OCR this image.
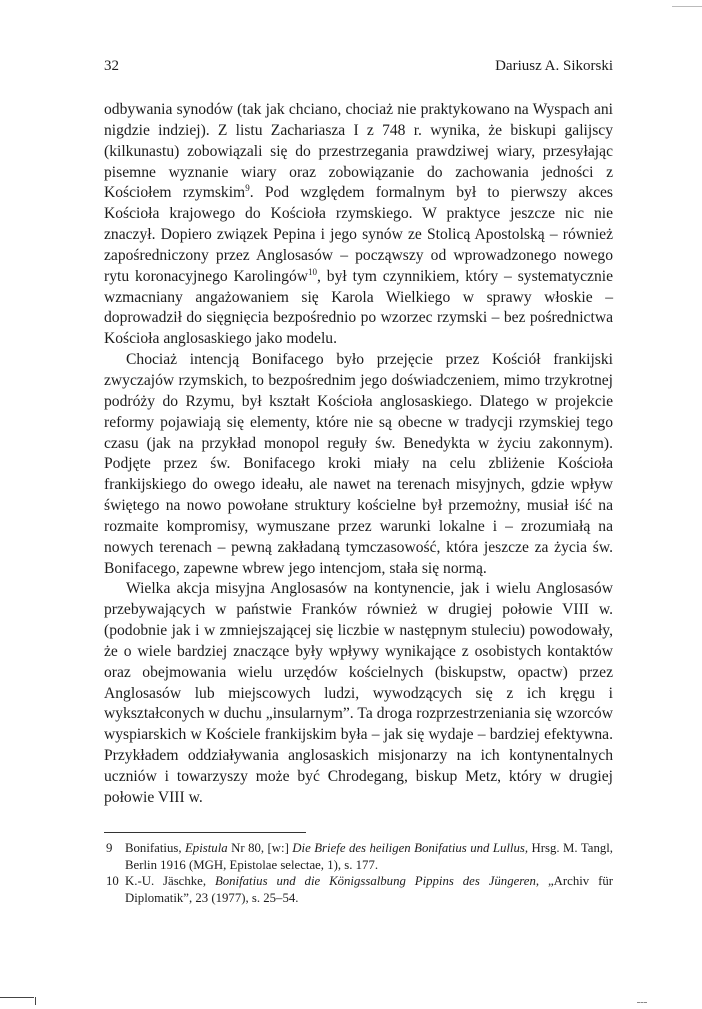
32	Dariusz A. Sikorski

odbywania synodów (tak jak chciano, chociaż nie praktykowano na Wyspach ani nigdzie indziej). Z listu Zachariasza I z 748 r. wynika, że biskupi galijscy (kilkunastu) zobowiązali się do przestrzegania prawdziwej wiary, przesyłając pisemne wyznanie wiary oraz zobowiązanie do zachowania jedności z Kościołem rzymskim$^9$. Pod względem formalnym był to pierwszy akces Kościoła krajowego do Kościoła rzymskiego. W praktyce jeszcze nic nie znaczył. Dopiero związek Pepina i jego synów ze Stolicą Apostolską – również zapośredniczony przez Anglosasów – począwszy od wprowadzonego nowego rytu koronacyjnego Karolingów$^{10}$, był tym czynnikiem, który – systematycznie wzmacniany angażowaniem się Karola Wielkiego w sprawy włoskie – doprowadził do sięgnięcia bezpośrednio po wzorzec rzymski – bez pośrednictwa Kościoła anglosaskiego jako modelu.

Chociaż intencją Bonifacego było przejęcie przez Kościół frankijski zwyczajów rzymskich, to bezpośrednim jego doświadczeniem, mimo trzykrotnej podróży do Rzymu, był kształt Kościoła anglosaskiego. Dlatego w projekcie reformy pojawiają się elementy, które nie są obecne w tradycji rzymskiej tego czasu (jak na przykład monopol reguły św. Benedykta w życiu zakonnym). Podjęte przez św. Bonifacego kroki miały na celu zbliżenie Kościoła frankijskiego do owego ideału, ale nawet na terenach misyjnych, gdzie wpływ świętego na nowo powołane struktury kościelne był przemożny, musiał iść na rozmaite kompromisy, wymuszane przez warunki lokalne i – zrozumiałą na nowych terenach – pewną zakładaną tymczasowość, która jeszcze za życia św. Bonifacego, zapewne wbrew jego intencjom, stała się normą.

Wielka akcja misyjna Anglosasów na kontynencie, jak i wielu Anglosasów przebywających w państwie Franków również w drugiej połowie VIII w. (podobnie jak i w zmniejszającej się liczbie w następnym stuleciu) powodowały, że o wiele bardziej znaczące były wpływy wynikające z osobistych kontaktów oraz obejmowania wielu urzędów kościelnych (biskupstw, opactw) przez Anglosasów lub miejscowych ludzi, wywodzących się z ich kręgu i wykształconych w duchu „insularnym”. Ta droga rozprzestrzeniania się wzorców wyspiarskich w Kościele frankijskim była – jak się wydaje – bardziej efektywna. Przykładem oddziaływania anglosaskich misjonarzy na ich kontynentalnych uczniów i towarzyszy może być Chrodegang, biskup Metz, który w drugiej połowie VIII w.

9 Bonifatius, Epistula Nr 80, [w:] Die Briefe des heiligen Bonifatius und Lullus, Hrsg. M. Tangl, Berlin 1916 (MGH, Epistolae selectae, 1), s. 177.
10 K.-U. Jäschke, Bonifatius und die Königssalbung Pippins des Jüngeren, „Archiv für Diplomatik”, 23 (1977), s. 25–54.
